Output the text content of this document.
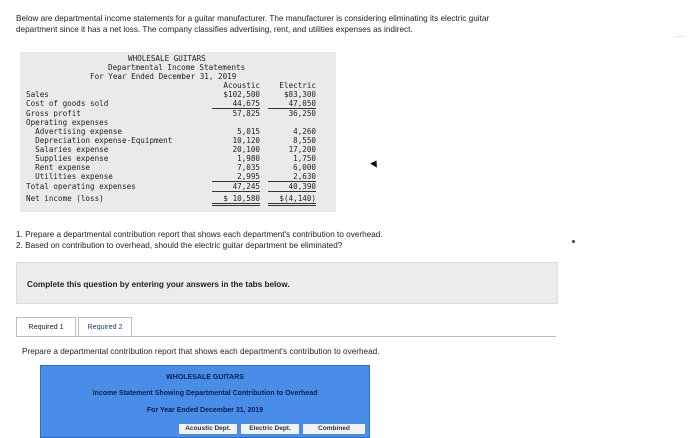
Below are departmental income statements for a guitar manufacturer. The manufacturer is considering eliminating its electric guitar
department since it has a net loss. The company classifies advertising, rent, and utilities expenses as indirect.
⌒
WHOLESALE GUITARS
Departmental Income Statements
For Year Ended December 31, 2019
Acoustic	Electric
Sales	$102,500	$83,300
Cost of goods sold	44,675	47,050
Gross profit	57,825	36,250
Operating expenses
Advertising expense	5,015	4,260
Depreciation expense-Equipment	10,120	8,550
Salaries expense	20,100	17,200
Supplies expense	1,980	1,750
Rent expense	7,035	6,000
Utilities expense	2,995	2,630
Total operating expenses	47,245	40,390
Net income (loss)	$ 10,580	$(4,140)
1. Prepare a departmental contribution report that shows each department's contribution to overhead.
2. Based on contribution to overhead, should the electric guitar department be eliminated?
Complete this question by entering your answers in the tabs below.
Required 1	Required 2
Prepare a departmental contribution report that shows each department's contribution to overhead.
WHOLESALE GUITARS
Income Statement Showing Departmental Contribution to Overhead
For Year Ended December 31, 2019
Acoustic Dept.	Electric Dept.	Combined
